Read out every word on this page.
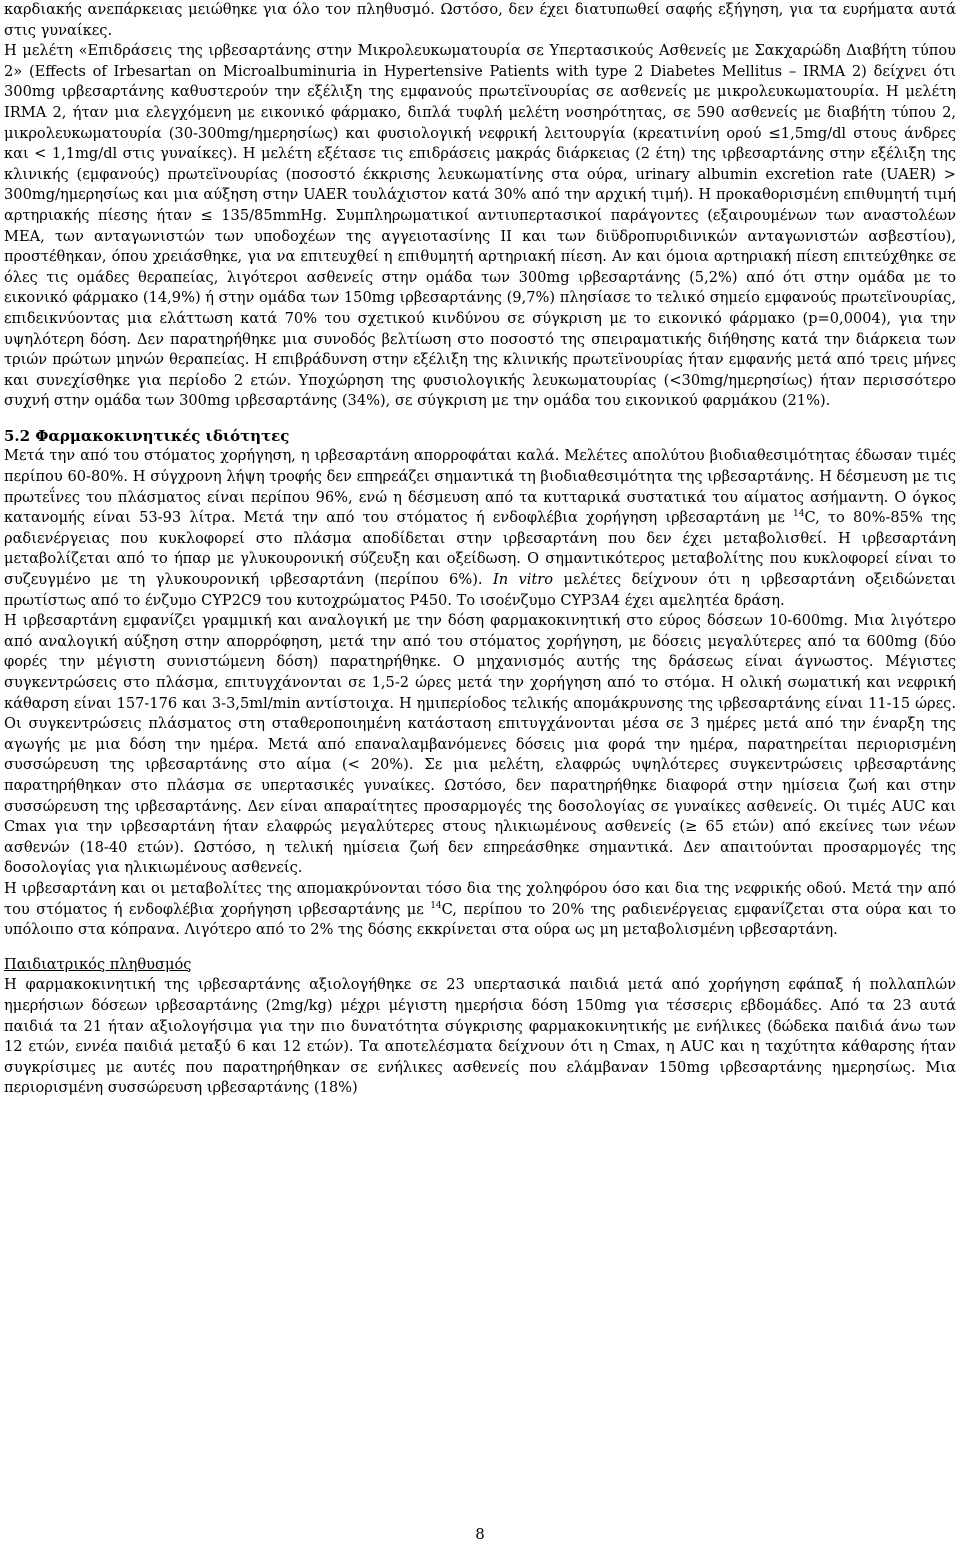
καρδιακής ανεπάρκειας μειώθηκε για όλο τον πληθυσμό. Ωστόσο, δεν έχει διατυπωθεί σαφής εξήγηση, για τα ευρήματα αυτά στις γυναίκες.

Η μελέτη «Επιδράσεις της ιρβεσαρτάνης στην Μικρολευκωματουρία σε Υπερτασικούς Ασθενείς με Σακχαρώδη Διαβήτη τύπου 2» (Effects of Irbesartan on Microalbuminuria in Hypertensive Patients with type 2 Diabetes Mellitus – IRMA 2) δείχνει ότι 300mg ιρβεσαρτάνης καθυστερούν την εξέλιξη της εμφανούς πρωτεϊνουρίας σε ασθενείς με μικρολευκωματουρία. Η μελέτη IRMA 2, ήταν μια ελεγχόμενη με εικονικό φάρμακο, διπλά τυφλή μελέτη νοσηρότητας, σε 590 ασθενείς με διαβήτη τύπου 2, μικρολευκωματουρία (30-300mg/ημερησίως) και φυσιολογική νεφρική λειτουργία (κρεατινίνη ορού ≤1,5mg/dl στους άνδρες και < 1,1mg/dl στις γυναίκες). Η μελέτη εξέτασε τις επιδράσεις μακράς διάρκειας (2 έτη) της ιρβεσαρτάνης στην εξέλιξη της κλινικής (εμφανούς) πρωτεϊνουρίας (ποσοστό έκκρισης λευκωματίνης στα ούρα, urinary albumin excretion rate (UAER) > 300mg/ημερησίως και μια αύξηση στην UAER τουλάχιστον κατά 30% από την αρχική τιμή). Η προκαθορισμένη επιθυμητή τιμή αρτηριακής πίεσης ήταν ≤ 135/85mmHg. Συμπληρωματικοί αντιυπερτασικοί παράγοντες (εξαιρουμένων των αναστολέων ΜΕΑ, των ανταγωνιστών των υποδοχέων της αγγειοτασίνης ΙΙ και των διϋδροπυριδινικών ανταγωνιστών ασβεστίου), προστέθηκαν, όπου χρειάσθηκε, για να επιτευχθεί η επιθυμητή αρτηριακή πίεση. Αν και όμοια αρτηριακή πίεση επιτεύχθηκε σε όλες τις ομάδες θεραπείας, λιγότεροι ασθενείς στην ομάδα των 300mg ιρβεσαρτάνης (5,2%) από ότι στην ομάδα με το εικονικό φάρμακο (14,9%) ή στην ομάδα των 150mg ιρβεσαρτάνης (9,7%) πλησίασε το τελικό σημείο εμφανούς πρωτεϊνουρίας, επιδεικνύοντας μια ελάττωση κατά 70% του σχετικού κινδύνου σε σύγκριση με το εικονικό φάρμακο (p=0,0004), για την υψηλότερη δόση. Δεν παρατηρήθηκε μια συνοδός βελτίωση στο ποσοστό της σπειραματικής διήθησης κατά την διάρκεια των τριών πρώτων μηνών θεραπείας. Η επιβράδυνση στην εξέλιξη της κλινικής πρωτεϊνουρίας ήταν εμφανής μετά από τρεις μήνες και συνεχίσθηκε για περίοδο 2 ετών. Υποχώρηση της φυσιολογικής λευκωματουρίας (<30mg/ημερησίως) ήταν περισσότερο συχνή στην ομάδα των 300mg ιρβεσαρτάνης (34%), σε σύγκριση με την ομάδα του εικονικού φαρμάκου (21%).

5.2 Φαρμακοκινητικές ιδιότητες

Μετά την από του στόματος χορήγηση, η ιρβεσαρτάνη απορροφάται καλά. Μελέτες απολύτου βιοδιαθεσιμότητας έδωσαν τιμές περίπου 60-80%. Η σύγχρονη λήψη τροφής δεν επηρεάζει σημαντικά τη βιοδιαθεσιμότητα της ιρβεσαρτάνης. Η δέσμευση με τις πρωτεΐνες του πλάσματος είναι περίπου 96%, ενώ η δέσμευση από τα κυτταρικά συστατικά του αίματος ασήμαντη. Ο όγκος κατανομής είναι 53-93 λίτρα. Μετά την από του στόματος ή ενδοφλέβια χορήγηση ιρβεσαρτάνη με $^{14}$C, το 80%-85% της ραδιενέργειας που κυκλοφορεί στο πλάσμα αποδίδεται στην ιρβεσαρτάνη που δεν έχει μεταβολισθεί. Η ιρβεσαρτάνη μεταβολίζεται από το ήπαρ με γλυκουρονική σύζευξη και οξείδωση. Ο σημαντικότερος μεταβολίτης που κυκλοφορεί είναι το συζευγμένο με τη γλυκουρονική ιρβεσαρτάνη (περίπου 6%). In vitro μελέτες δείχνουν ότι η ιρβεσαρτάνη οξειδώνεται πρωτίστως από το ένζυμο CYP2C9 του κυτοχρώματος P450. Το ισοένζυμο CYP3A4 έχει αμελητέα δράση.

Η ιρβεσαρτάνη εμφανίζει γραμμική και αναλογική με την δόση φαρμακοκινητική στο εύρος δόσεων 10-600mg. Μια λιγότερο από αναλογική αύξηση στην απορρόφηση, μετά την από του στόματος χορήγηση, με δόσεις μεγαλύτερες από τα 600mg (δύο φορές την μέγιστη συνιστώμενη δόση) παρατηρήθηκε. Ο μηχανισμός αυτής της δράσεως είναι άγνωστος. Μέγιστες συγκεντρώσεις στο πλάσμα, επιτυγχάνονται σε 1,5-2 ώρες μετά την χορήγηση από το στόμα. Η ολική σωματική και νεφρική κάθαρση είναι 157-176 και 3-3,5ml/min αντίστοιχα. Η ημιπερίοδος τελικής απομάκρυνσης της ιρβεσαρτάνης είναι 11-15 ώρες. Οι συγκεντρώσεις πλάσματος στη σταθεροποιημένη κατάσταση επιτυγχάνονται μέσα σε 3 ημέρες μετά από την έναρξη της αγωγής με μια δόση την ημέρα. Μετά από επαναλαμβανόμενες δόσεις μια φορά την ημέρα, παρατηρείται περιορισμένη συσσώρευση της ιρβεσαρτάνης στο αίμα (< 20%). Σε μια μελέτη, ελαφρώς υψηλότερες συγκεντρώσεις ιρβεσαρτάνης παρατηρήθηκαν στο πλάσμα σε υπερτασικές γυναίκες. Ωστόσο, δεν παρατηρήθηκε διαφορά στην ημίσεια ζωή και στην συσσώρευση της ιρβεσαρτάνης. Δεν είναι απαραίτητες προσαρμογές της δοσολογίας σε γυναίκες ασθενείς. Οι τιμές AUC και Cmax για την ιρβεσαρτάνη ήταν ελαφρώς μεγαλύτερες στους ηλικιωμένους ασθενείς (≥ 65 ετών) από εκείνες των νέων ασθενών (18-40 ετών). Ωστόσο, η τελική ημίσεια ζωή δεν επηρεάσθηκε σημαντικά. Δεν απαιτούνται προσαρμογές της δοσολογίας για ηλικιωμένους ασθενείς.

Η ιρβεσαρτάνη και οι μεταβολίτες της απομακρύνονται τόσο δια της χοληφόρου όσο και δια της νεφρικής οδού. Μετά την από του στόματος ή ενδοφλέβια χορήγηση ιρβεσαρτάνης με $^{14}$C, περίπου το 20% της ραδιενέργειας εμφανίζεται στα ούρα και το υπόλοιπο στα κόπρανα. Λιγότερο από το 2% της δόσης εκκρίνεται στα ούρα ως μη μεταβολισμένη ιρβεσαρτάνη.

Παιδιατρικός πληθυσμός

Η φαρμακοκινητική της ιρβεσαρτάνης αξιολογήθηκε σε 23 υπερτασικά παιδιά μετά από χορήγηση εφάπαξ ή πολλαπλών ημερήσιων δόσεων ιρβεσαρτάνης (2mg/kg) μέχρι μέγιστη ημερήσια δόση 150mg για τέσσερις εβδομάδες. Από τα 23 αυτά παιδιά τα 21 ήταν αξιολογήσιμα για την πιο δυνατότητα σύγκρισης φαρμακοκινητικής με ενήλικες (δώδεκα παιδιά άνω των 12 ετών, εννέα παιδιά μεταξύ 6 και 12 ετών). Τα αποτελέσματα δείχνουν ότι η Cmax, η AUC και η ταχύτητα κάθαρσης ήταν συγκρίσιμες με αυτές που παρατηρήθηκαν σε ενήλικες ασθενείς που ελάμβαναν 150mg ιρβεσαρτάνης ημερησίως. Μια περιορισμένη συσσώρευση ιρβεσαρτάνης (18%)

8
